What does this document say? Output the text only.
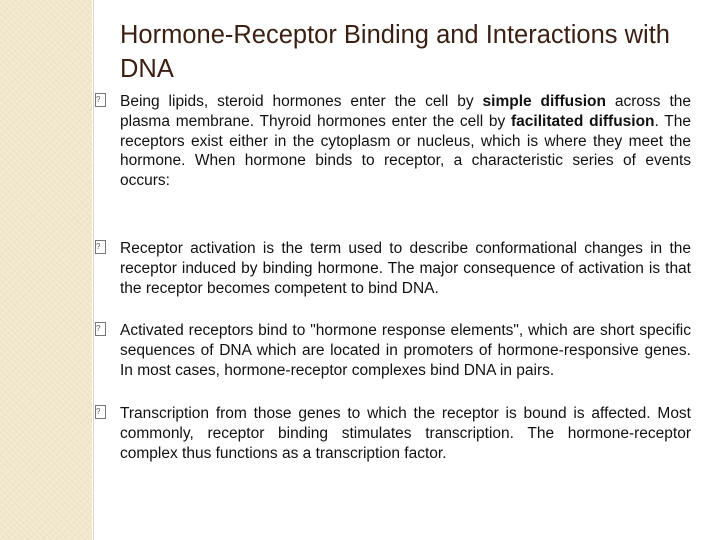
Hormone-Receptor Binding and Interactions with DNA
?	Being lipids, steroid hormones enter the cell by simple diffusion across the plasma membrane. Thyroid hormones enter the cell by facilitated diffusion. The receptors exist either in the cytoplasm or nucleus, which is where they meet the hormone. When hormone binds to receptor, a characteristic series of events occurs:
?	Receptor activation is the term used to describe conformational changes in the receptor induced by binding hormone. The major consequence of activation is that the receptor becomes competent to bind DNA.
?	Activated receptors bind to "hormone response elements", which are short specific sequences of DNA which are located in promoters of hormone-responsive genes. In most cases, hormone-receptor complexes bind DNA in pairs.
?	Transcription from those genes to which the receptor is bound is affected. Most commonly, receptor binding stimulates transcription. The hormone-receptor complex thus functions as a transcription factor.
